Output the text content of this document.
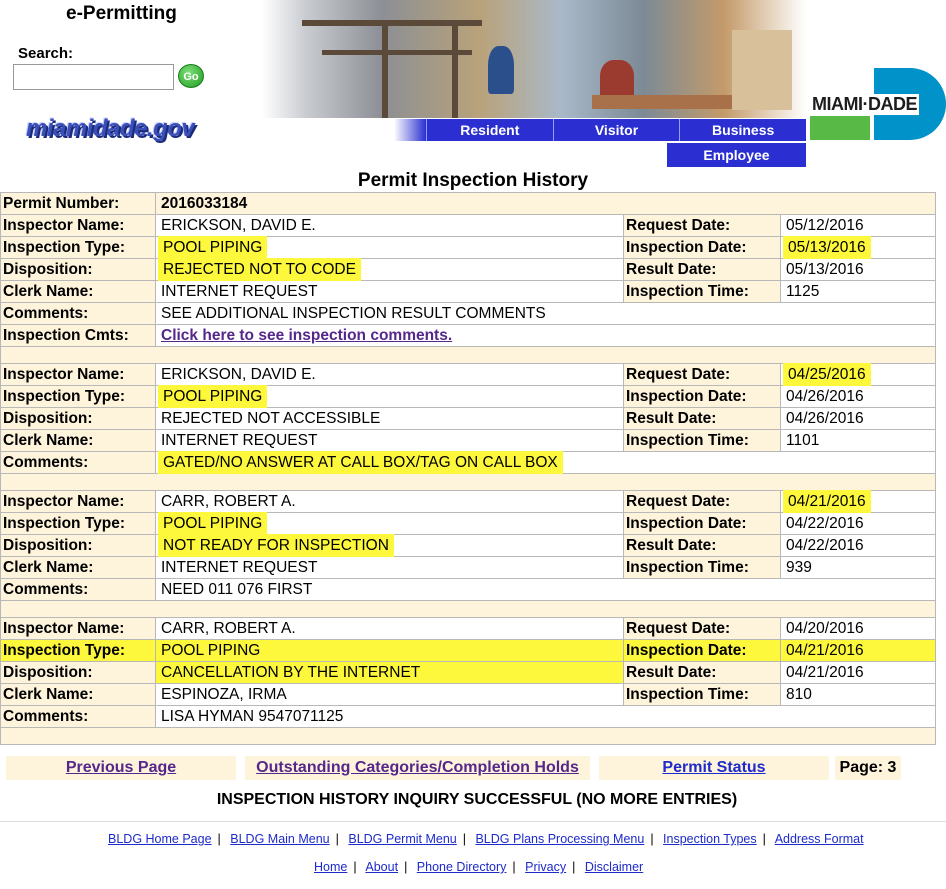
e-Permitting
Search:
Go
miamidade.gov	Resident	Visitor	Business
Employee
MIAMI·DADE
Permit Inspection History
Permit Number:	2016033184		
Inspector Name:	ERICKSON, DAVID E.	Request Date:	05/12/2016
Inspection Type:	POOL PIPING	Inspection Date:	05/13/2016
Disposition:	REJECTED NOT TO CODE	Result Date:	05/13/2016
Clerk Name:	INTERNET REQUEST	Inspection Time:	1125
Comments:	SEE ADDITIONAL INSPECTION RESULT COMMENTS		
Inspection Cmts:	Click here to see inspection comments.		

Inspector Name:	ERICKSON, DAVID E.	Request Date:	04/25/2016
Inspection Type:	POOL PIPING	Inspection Date:	04/26/2016
Disposition:	REJECTED NOT ACCESSIBLE	Result Date:	04/26/2016
Clerk Name:	INTERNET REQUEST	Inspection Time:	1101
Comments:	GATED/NO ANSWER AT CALL BOX/TAG ON CALL BOX		

Inspector Name:	CARR, ROBERT A.	Request Date:	04/21/2016
Inspection Type:	POOL PIPING	Inspection Date:	04/22/2016
Disposition:	NOT READY FOR INSPECTION	Result Date:	04/22/2016
Clerk Name:	INTERNET REQUEST	Inspection Time:	939
Comments:	NEED 011 076 FIRST		

Inspector Name:	CARR, ROBERT A.	Request Date:	04/20/2016
Inspection Type:	POOL PIPING	Inspection Date:	04/21/2016
Disposition:	CANCELLATION BY THE INTERNET	Result Date:	04/21/2016
Clerk Name:	ESPINOZA, IRMA	Inspection Time:	810
Comments:	LISA HYMAN 9547071125		

Previous Page	Outstanding Categories/Completion Holds	Permit Status	Page: 3
INSPECTION HISTORY INQUIRY SUCCESSFUL (NO MORE ENTRIES)
BLDG Home Page | BLDG Main Menu | BLDG Permit Menu | BLDG Plans Processing Menu | Inspection Types | Address Format
Home | About | Phone Directory | Privacy | Disclaimer
